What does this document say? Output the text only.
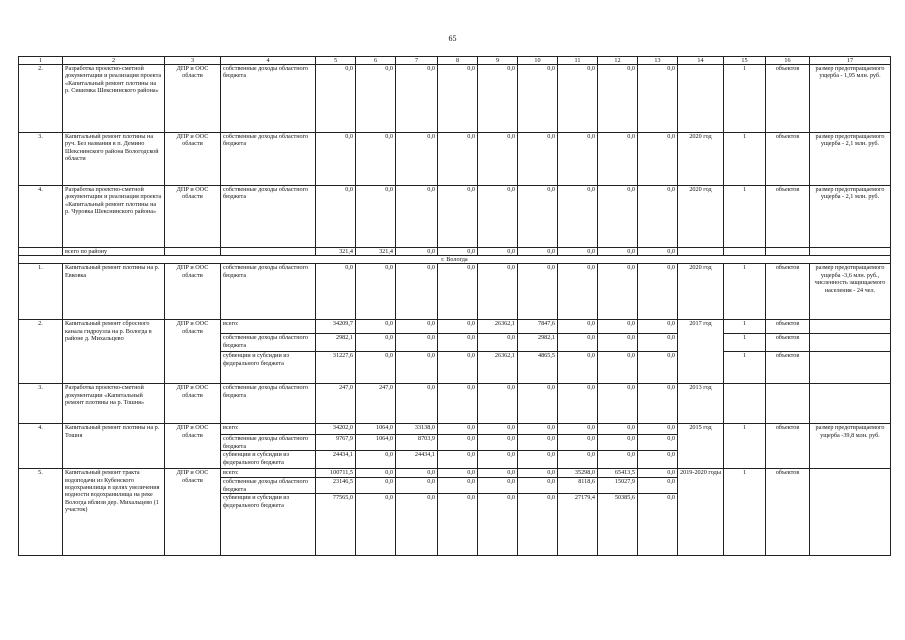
65
1	2	3	4	5	6	7	8	9	10	11	12	13	14	15	16	17
2.	Разработка проектно-сметной документации и реализация проекта «Капитальный ремонт плотины на р. Сишемка Шекснинского района»	ДПР и ООС области	собственные доходы областного бюджета	0,0	0,0	0,0	0,0	0,0	0,0	0,0	0,0	0,0		1	объектов	размер предотвращаемого ущерба - 1,95 млн. руб.
3.	Капитальный ремонт плотины на руч. Без названия в п. Демино Шекснинского района Вологодской области	ДПР и ООС области	собственные доходы областного бюджета	0,0	0,0	0,0	0,0	0,0	0,0	0,0	0,0	0,0	2020 год	1	объектов	размер предотвращаемого ущерба - 2,1 млн. руб.
4.	Разработка проектно-сметной документации и реализация проекта «Капитальный ремонт плотины на р. Чуровка Шекснинского района»	ДПР и ООС области	собственные доходы областного бюджета	0,0	0,0	0,0	0,0	0,0	0,0	0,0	0,0	0,0	2020 год	1	объектов	размер предотвращаемого ущерба - 2,1 млн. руб.
	всего по району			321,4	321,4	0,0	0,0	0,0	0,0	0,0	0,0	0,0				
г. Вологда																
1.	Капитальный ремонт плотины на р. Евковка	ДПР и ООС области	собственные доходы областного бюджета	0,0	0,0	0,0	0,0	0,0	0,0	0,0	0,0	0,0	2020 год	1	объектов	размер предотвращаемого ущерба -3,6 млн. руб., численность защищаемого населения - 24 чел.
2.	Капитальный ремонт сбросного канала гидроузла на р. Вологда в районе д. Михальцево	ДПР и ООС области	всего:	34209,7	0,0	0,0	0,0	26362,1	7847,6	0,0	0,0	0,0	2017 год	1	объектов	
			собственные доходы областного бюджета	2982,1	0,0	0,0	0,0	0,0	2982,1	0,0	0,0	0,0		1	объектов	
			субвенции и субсидии из федерального бюджета	31227,6	0,0	0,0	0,0	26362,1	4865,5	0,0	0,0	0,0		1	объектов	
3.	Разработка проектно-сметной документации «Капитальный ремонт плотины на р. Тошня»	ДПР и ООС области	собственные доходы областного бюджета	247,0	247,0	0,0	0,0	0,0	0,0	0,0	0,0	0,0	2013 год			
4.	Капитальный ремонт плотины на р. Тошня	ДПР и ООС области	всего:	34202,0	1064,0	33138,0	0,0	0,0	0,0	0,0	0,0	0,0	2015 год	1	объектов	размер предотвращаемого ущерба -39,8 млн. руб.
			собственные доходы областного бюджета	9767,9	1064,0	8703,9	0,0	0,0	0,0	0,0	0,0	0,0				
			субвенции и субсидии из федерального бюджета	24434,1	0,0	24434,1	0,0	0,0	0,0	0,0	0,0	0,0				
5.	Капитальный ремонт тракта водоподачи из Кубенского водохранилища в целях увеличения водности водохранилища на реке Вологда вблизи дер. Михальцево (1 участок)	ДПР и ООС области	всего:	100711,5	0,0	0,0	0,0	0,0	0,0	35298,0	65413,5	0,0	2019-2020 годы	1	объектов	
			собственные доходы областного бюджета	23146,5	0,0	0,0	0,0	0,0	0,0	8118,6	15027,9	0,0				
			субвенции и субсидии из федерального бюджета	77565,0	0,0	0,0	0,0	0,0	0,0	27179,4	50385,6	0,0				
